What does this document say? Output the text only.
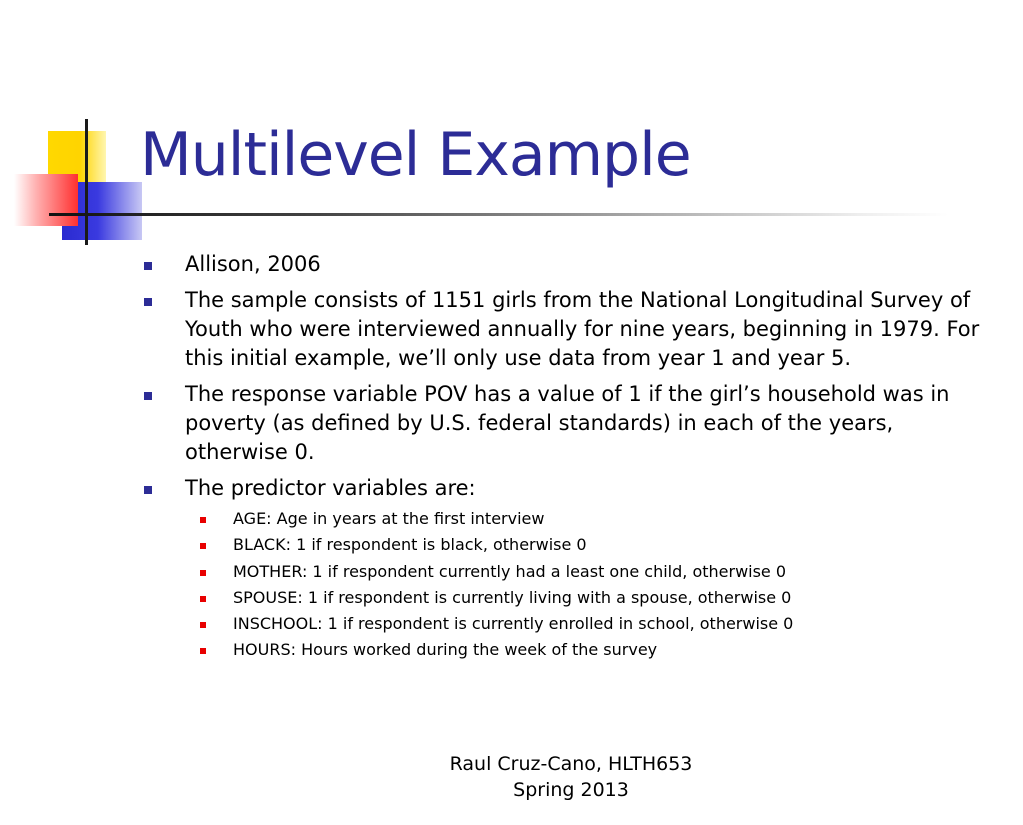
Multilevel Example
Allison, 2006
The sample consists of 1151 girls from the National Longitudinal Survey of Youth who were interviewed annually for nine years, beginning in 1979. For this initial example, we’ll only use data from year 1 and year 5.
The response variable POV has a value of 1 if the girl’s household was in poverty (as defined by U.S. federal standards) in each of the years, otherwise 0.
The predictor variables are:
AGE: Age in years at the first interview
BLACK: 1 if respondent is black, otherwise 0
MOTHER: 1 if respondent currently had a least one child, otherwise 0
SPOUSE: 1 if respondent is currently living with a spouse, otherwise 0
INSCHOOL: 1 if respondent is currently enrolled in school, otherwise 0
HOURS: Hours worked during the week of the survey
Raul Cruz-Cano, HLTH653
Spring 2013
